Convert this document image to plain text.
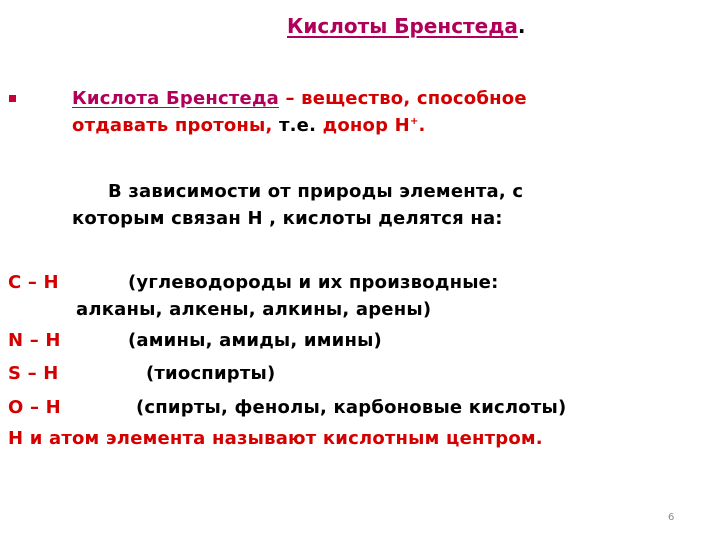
Кислоты Бренстеда.
Кислота Бренстеда – вещество, способное
отдавать протоны, т.е. донор Н+.
В зависимости от природы элемента, с
которым связан Н , кислоты делятся на:
С – Н	(углеводороды и их производные:
алканы, алкены, алкины, арены)
N – H	(амины, амиды, имины)
S – H	(тиоспирты)
O – H	(спирты, фенолы, карбоновые кислоты)
Н и атом элемента называют кислотным центром.
6
